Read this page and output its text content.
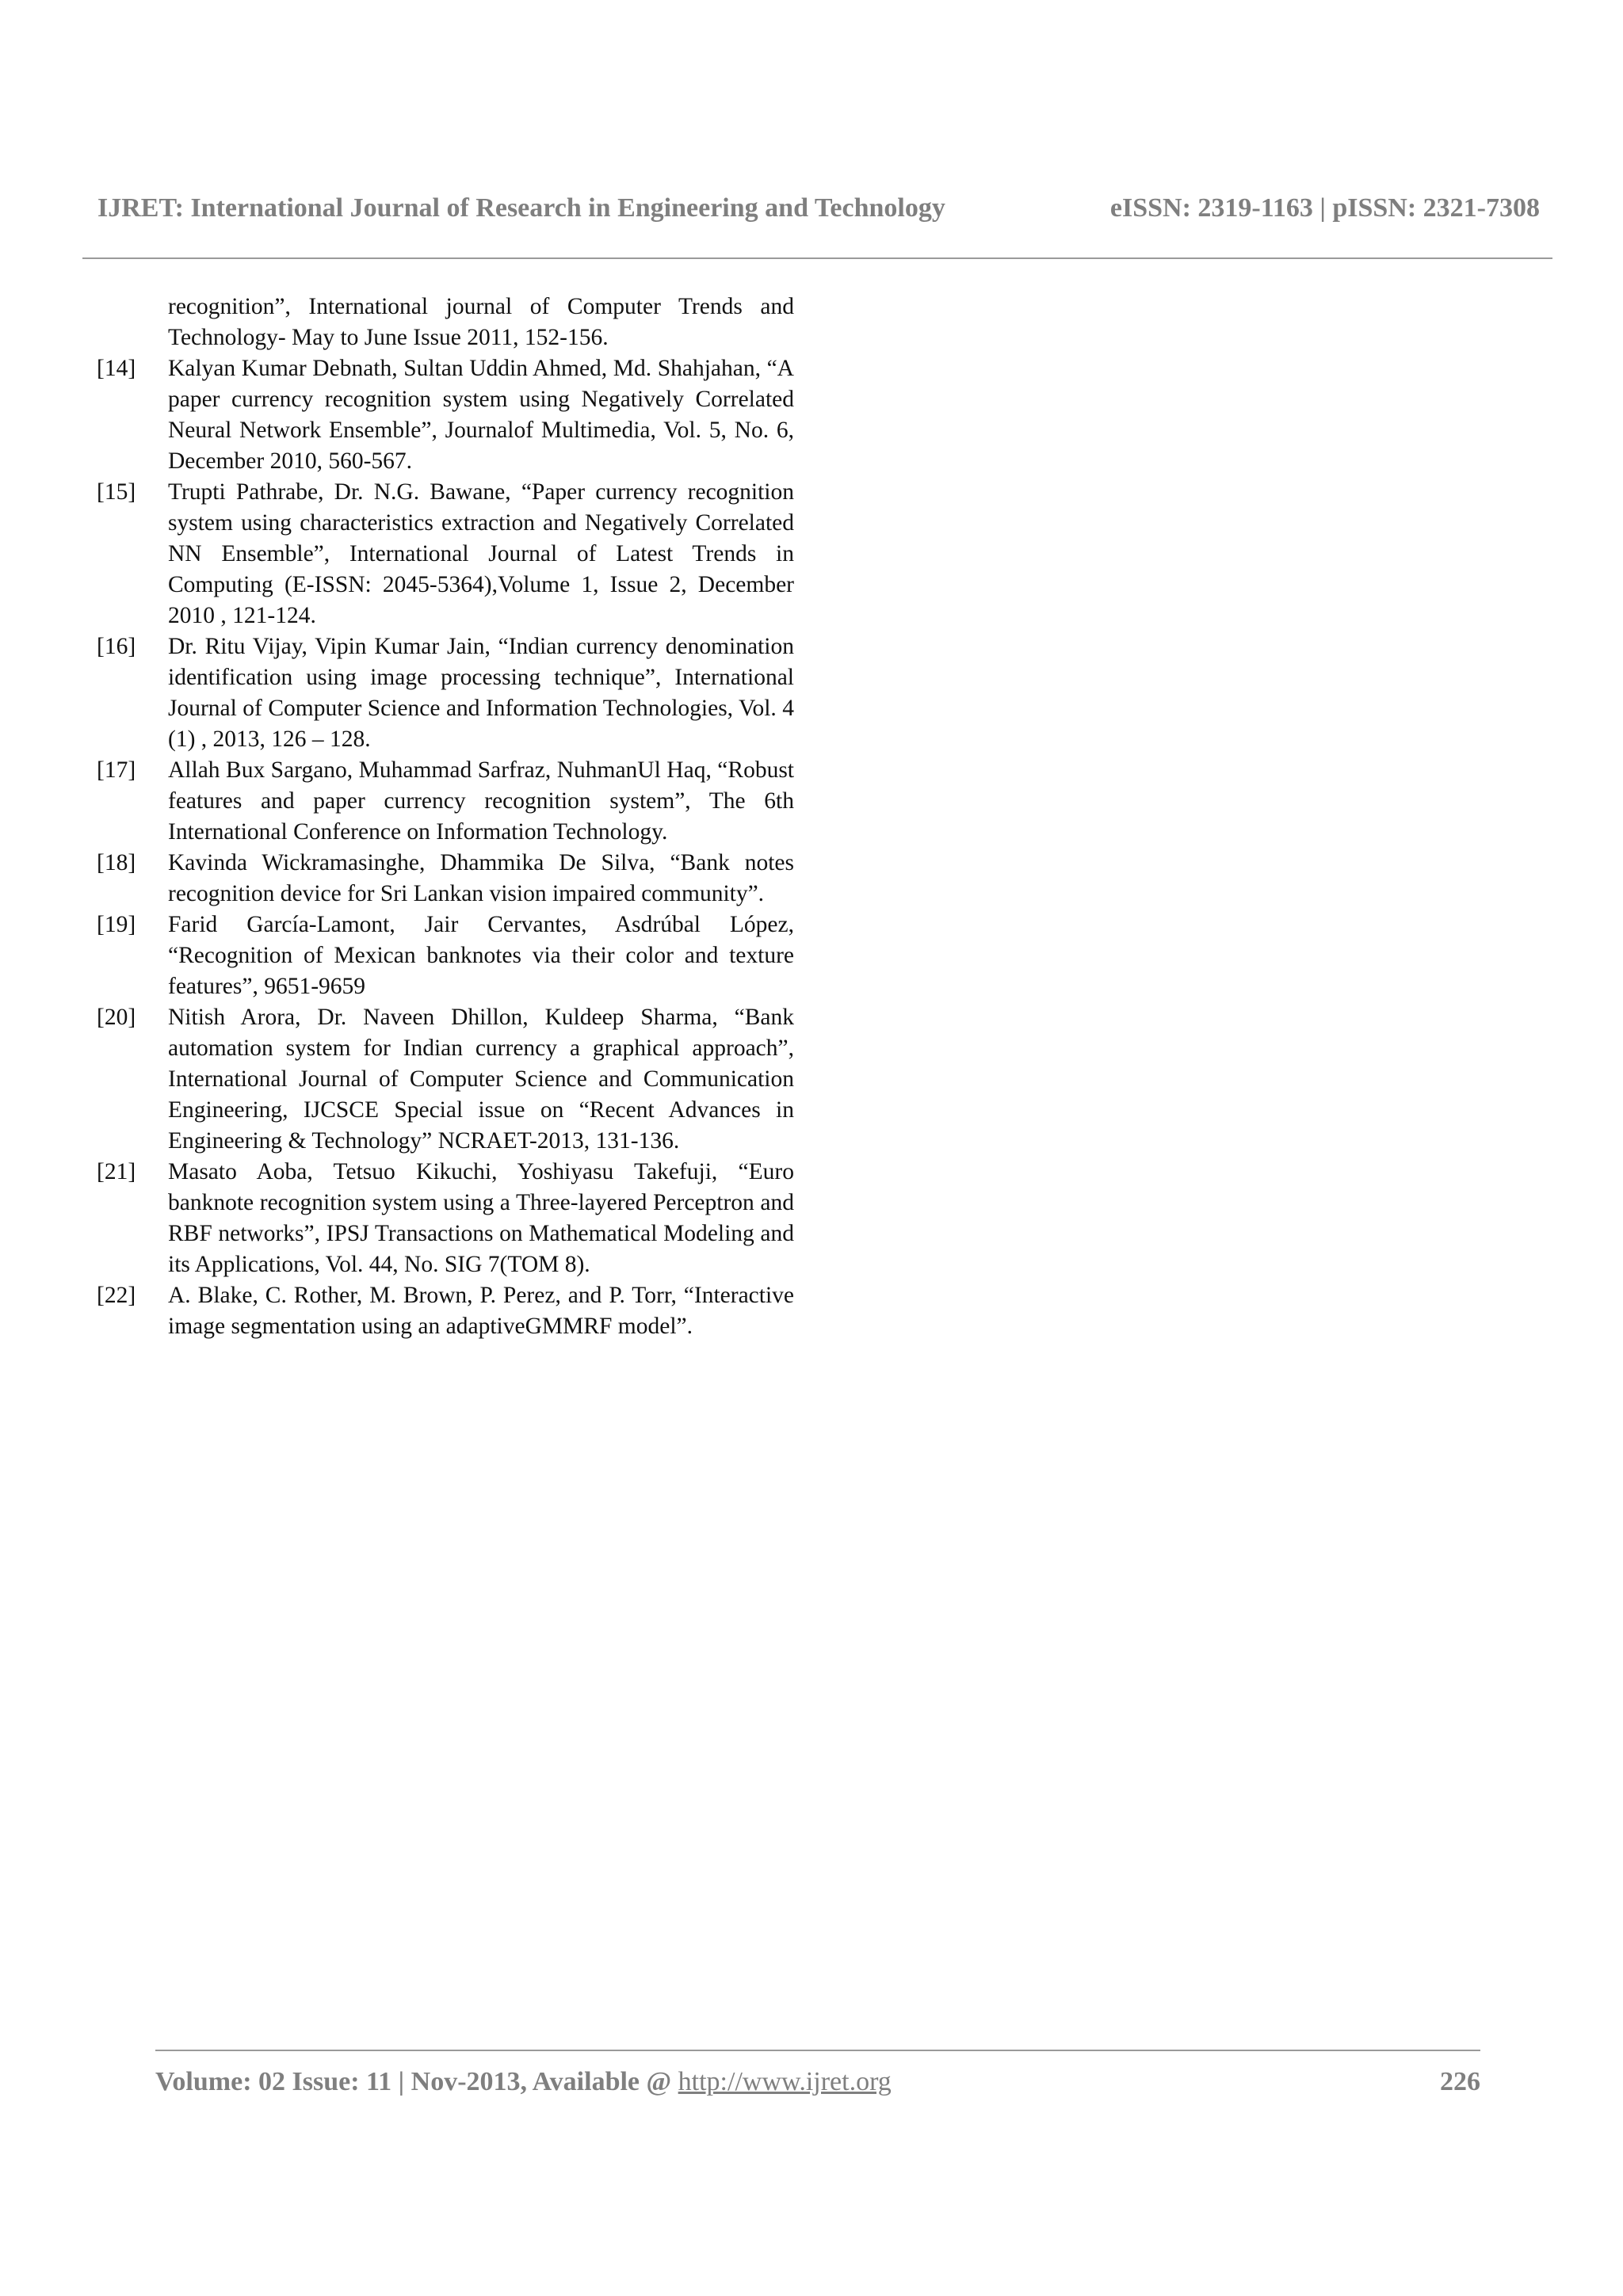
IJRET: International Journal of Research in Engineering and Technology	eISSN: 2319-1163 | pISSN: 2321-7308
recognition”, International journal of Computer Trends and Technology- May to June Issue 2011, 152-156.
[14] Kalyan Kumar Debnath, Sultan Uddin Ahmed, Md. Shahjahan, “A paper currency recognition system using Negatively Correlated Neural Network Ensemble”, Journalof Multimedia, Vol. 5, No. 6, December 2010, 560-567.
[15] Trupti Pathrabe, Dr. N.G. Bawane, “Paper currency recognition system using characteristics extraction and Negatively Correlated NN Ensemble”, International Journal of Latest Trends in Computing (E-ISSN: 2045-5364),Volume 1, Issue 2, December 2010 , 121-124.
[16] Dr. Ritu Vijay, Vipin Kumar Jain, “Indian currency denomination identification using image processing technique”, International Journal of Computer Science and Information Technologies, Vol. 4 (1) , 2013, 126 – 128.
[17] Allah Bux Sargano, Muhammad Sarfraz, NuhmanUl Haq, “Robust features and paper currency recognition system”, The 6th International Conference on Information Technology.
[18] Kavinda Wickramasinghe, Dhammika De Silva, “Bank notes recognition device for Sri Lankan vision impaired community”.
[19] Farid García-Lamont, Jair Cervantes, Asdrúbal López, “Recognition of Mexican banknotes via their color and texture features”, 9651-9659
[20] Nitish Arora, Dr. Naveen Dhillon, Kuldeep Sharma, “Bank automation system for Indian currency a graphical approach”, International Journal of Computer Science and Communication Engineering, IJCSCE Special issue on “Recent Advances in Engineering & Technology” NCRAET-2013, 131-136.
[21] Masato Aoba, Tetsuo Kikuchi, Yoshiyasu Takefuji, “Euro banknote recognition system using a Three-layered Perceptron and RBF networks”, IPSJ Transactions on Mathematical Modeling and its Applications, Vol. 44, No. SIG 7(TOM 8).
[22] A. Blake, C. Rother, M. Brown, P. Perez, and P. Torr, “Interactive image segmentation using an adaptiveGMMRF model”.
Volume: 02 Issue: 11 | Nov-2013, Available @ http://www.ijret.org	226
